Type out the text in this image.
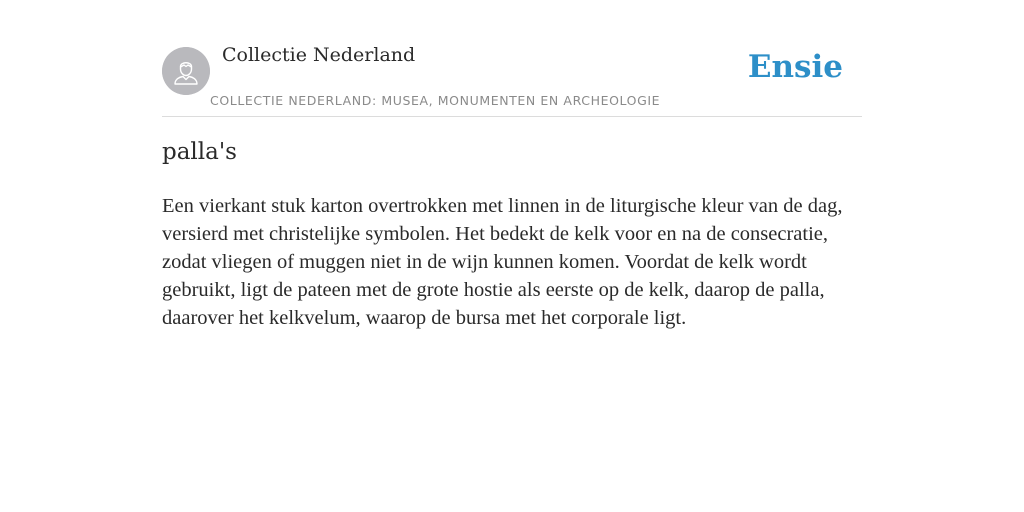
Collectie Nederland
COLLECTIE NEDERLAND: MUSEA, MONUMENTEN EN ARCHEOLOGIE
Ensie
palla's

Een vierkant stuk karton overtrokken met linnen in de liturgische kleur van de dag, versierd met christelijke symbolen. Het bedekt de kelk voor en na de consecratie, zodat vliegen of muggen niet in de wijn kunnen komen. Voordat de kelk wordt gebruikt, ligt de pateen met de grote hostie als eerste op de kelk, daarop de palla, daarover het kelkvelum, waarop de bursa met het corporale ligt.
